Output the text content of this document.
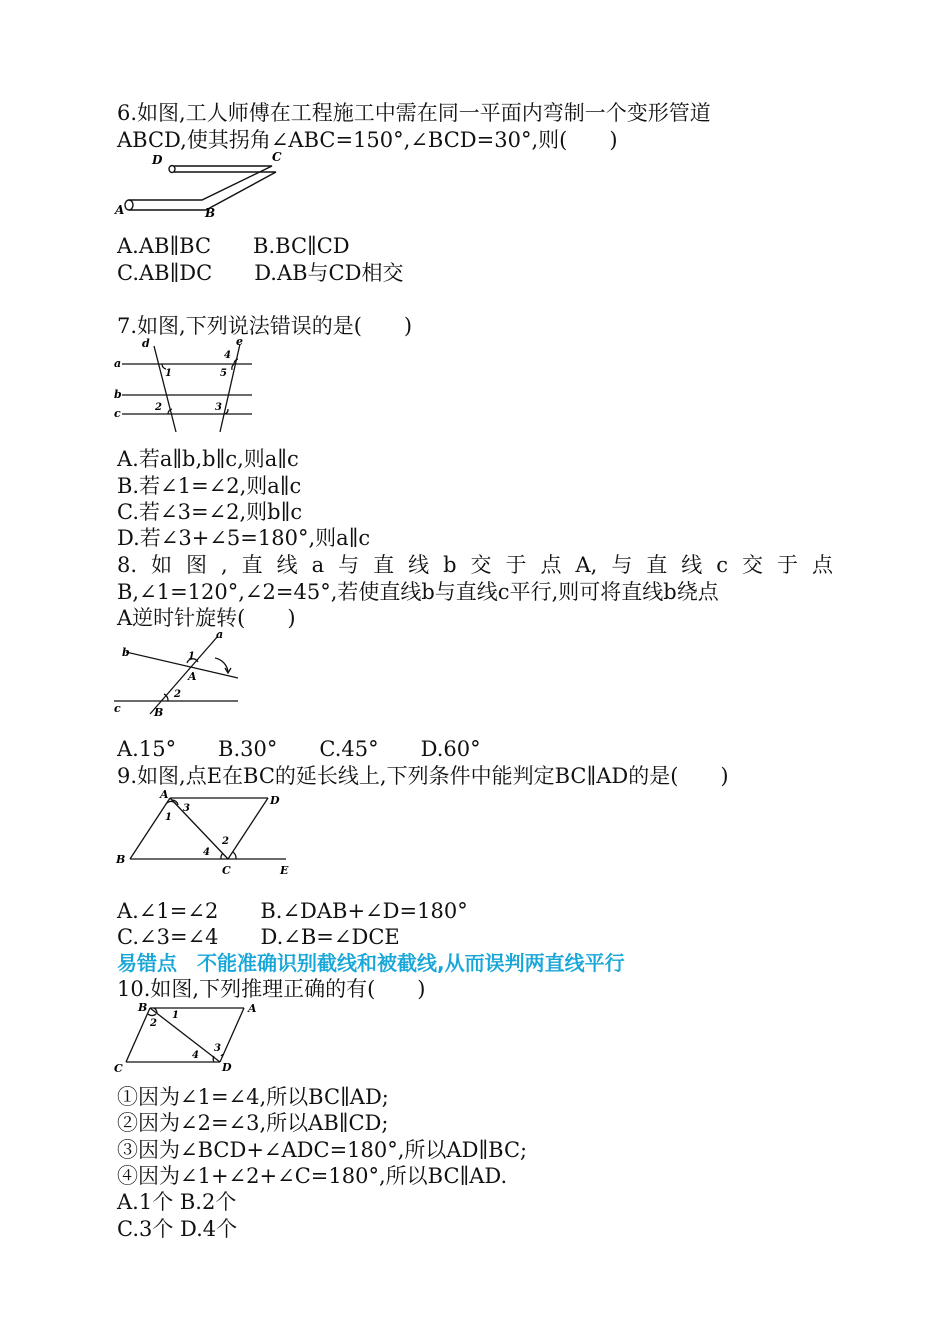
6.如图,工人师傅在工程施工中需在同一平面内弯制一个变形管道
ABCD,使其拐角∠ABC=150°,∠BCD=30°,则(　　)
A	B
C
D
A.AB∥BC　　B.BC∥CD
C.AB∥DC　　D.AB与CD相交
7.如图,下列说法错误的是(　　)
a
b
c
d	e
1
2	3
4
5
A.若a∥b,b∥c,则a∥c
B.若∠1=∠2,则a∥c
C.若∠3=∠2,则b∥c
D.若∠3+∠5=180°,则a∥c
8.如图,直线a与直线b交于点A,与直线c交于点
B,∠1=120°,∠2=45°,若使直线b与直线c平行,则可将直线b绕点
A逆时针旋转(　　)
b
c
a
A
B
1
2
A.15°　　B.30°　　C.45°　　D.60°
9.如图,点E在BC的延长线上,下列条件中能判定BC∥AD的是(　　)
A
B
C
D
E
1
2
3
4
A.∠1=∠2　　B.∠DAB+∠D=180°
C.∠3=∠4　　D.∠B=∠DCE
易错点　不能准确识别截线和被截线,从而误判两直线平行
10.如图,下列推理正确的有(　　)
B	A
C	D
1
2
3
4
①因为∠1=∠4,所以BC∥AD;
②因为∠2=∠3,所以AB∥CD;
③因为∠BCD+∠ADC=180°,所以AD∥BC;
④因为∠1+∠2+∠C=180°,所以BC∥AD.
A.1个 B.2个
C.3个 D.4个
